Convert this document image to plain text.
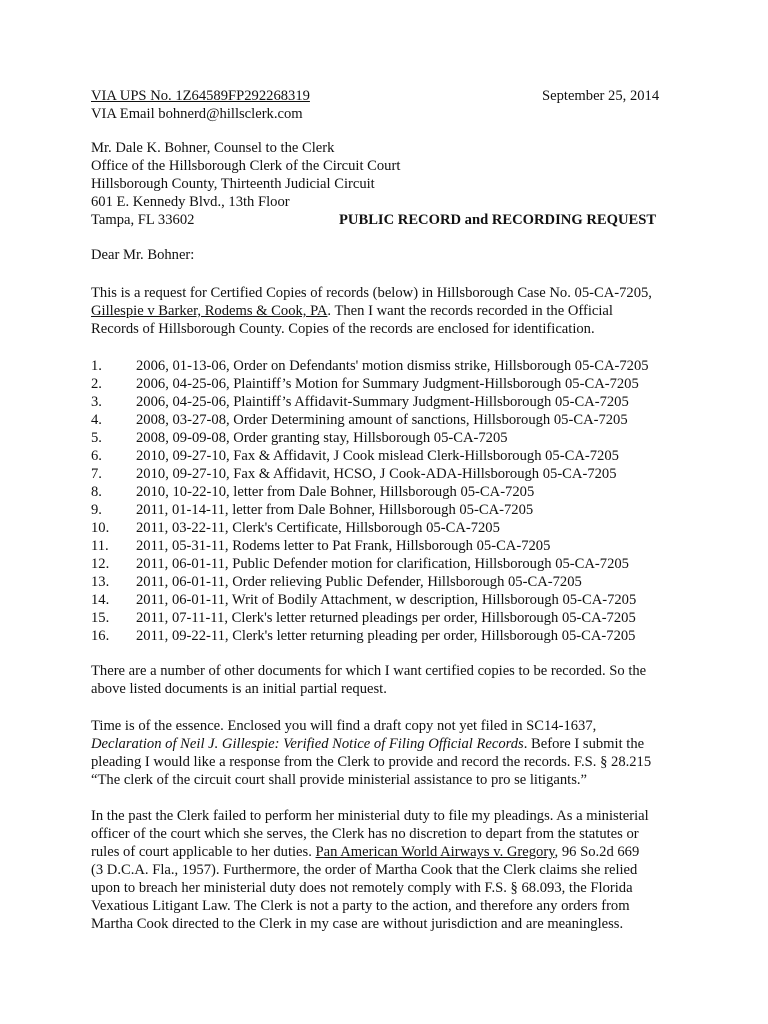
VIA UPS No. 1Z64589FP292268319
VIA Email bohnerd@hillsclerk.com
September 25, 2014
Mr. Dale K. Bohner, Counsel to the Clerk
Office of the Hillsborough Clerk of the Circuit Court
Hillsborough County, Thirteenth Judicial Circuit
601 E. Kennedy Blvd., 13th Floor
Tampa, FL 33602	PUBLIC RECORD and RECORDING REQUEST
Dear Mr. Bohner:
This is a request for Certified Copies of records (below) in Hillsborough Case No. 05-CA-7205,
Gillespie v Barker, Rodems & Cook, PA. Then I want the records recorded in the Official
Records of Hillsborough County. Copies of the records are enclosed for identification.
1. 2006, 01-13-06, Order on Defendants' motion dismiss strike, Hillsborough 05-CA-7205
2. 2006, 04-25-06, Plaintiff’s Motion for Summary Judgment-Hillsborough 05-CA-7205
3. 2006, 04-25-06, Plaintiff’s Affidavit-Summary Judgment-Hillsborough 05-CA-7205
4. 2008, 03-27-08, Order Determining amount of sanctions, Hillsborough 05-CA-7205
5. 2008, 09-09-08, Order granting stay, Hillsborough 05-CA-7205
6. 2010, 09-27-10, Fax & Affidavit, J Cook mislead Clerk-Hillsborough 05-CA-7205
7. 2010, 09-27-10, Fax & Affidavit, HCSO, J Cook-ADA-Hillsborough 05-CA-7205
8. 2010, 10-22-10, letter from Dale Bohner, Hillsborough 05-CA-7205
9. 2011, 01-14-11, letter from Dale Bohner, Hillsborough 05-CA-7205
10. 2011, 03-22-11, Clerk's Certificate, Hillsborough 05-CA-7205
11. 2011, 05-31-11, Rodems letter to Pat Frank, Hillsborough 05-CA-7205
12. 2011, 06-01-11, Public Defender motion for clarification, Hillsborough 05-CA-7205
13. 2011, 06-01-11, Order relieving Public Defender, Hillsborough 05-CA-7205
14. 2011, 06-01-11, Writ of Bodily Attachment, w description, Hillsborough 05-CA-7205
15. 2011, 07-11-11, Clerk's letter returned pleadings per order, Hillsborough 05-CA-7205
16. 2011, 09-22-11, Clerk's letter returning pleading per order, Hillsborough 05-CA-7205
There are a number of other documents for which I want certified copies to be recorded. So the
above listed documents is an initial partial request.
Time is of the essence. Enclosed you will find a draft copy not yet filed in SC14-1637,
Declaration of Neil J. Gillespie: Verified Notice of Filing Official Records. Before I submit the
pleading I would like a response from the Clerk to provide and record the records. F.S. § 28.215
“The clerk of the circuit court shall provide ministerial assistance to pro se litigants.”
In the past the Clerk failed to perform her ministerial duty to file my pleadings. As a ministerial
officer of the court which she serves, the Clerk has no discretion to depart from the statutes or
rules of court applicable to her duties. Pan American World Airways v. Gregory, 96 So.2d 669
(3 D.C.A. Fla., 1957). Furthermore, the order of Martha Cook that the Clerk claims she relied
upon to breach her ministerial duty does not remotely comply with F.S. § 68.093, the Florida
Vexatious Litigant Law. The Clerk is not a party to the action, and therefore any orders from
Martha Cook directed to the Clerk in my case are without jurisdiction and are meaningless.
